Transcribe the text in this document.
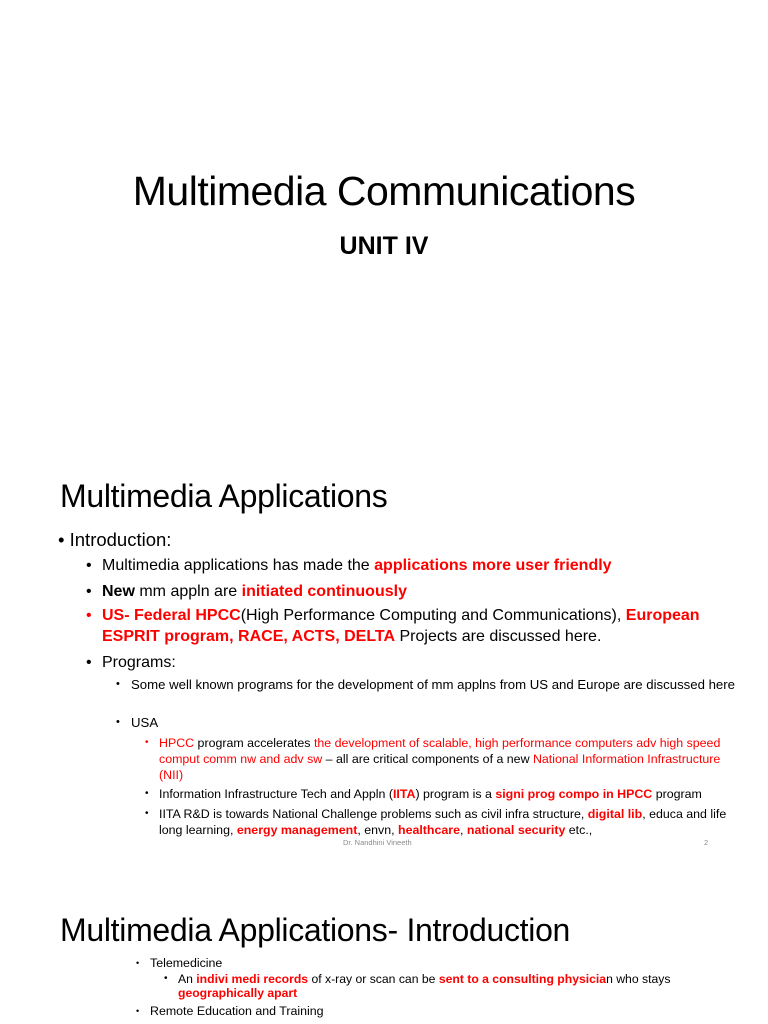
Multimedia Communications
UNIT IV
Multimedia Applications
• Introduction:
• Multimedia applications has made the applications more user friendly
• New mm appln are initiated continuously
• US- Federal HPCC(High Performance Computing and Communications), European ESPRIT program, RACE, ACTS, DELTA Projects are discussed here.
• Programs:
• Some well known programs for the development of mm applns from US and Europe are discussed here
• USA
• HPCC program accelerates the development of scalable, high performance computers adv high speed comput comm nw and adv sw – all are critical components of a new National Information Infrastructure (NII)
• Information Infrastructure Tech and Appln (IITA) program is a signi prog compo in HPCC program
• IITA R&D is towards National Challenge problems such as civil infra structure, digital lib, educa and life long learning, energy management, envn, healthcare, national security etc.,
Dr. Nandhini Vineeth	2
Multimedia Applications- Introduction
• Telemedicine
• An indivi medi records of x-ray or scan can be sent to a consulting physician who stays geographically apart
• Remote Education and Training
